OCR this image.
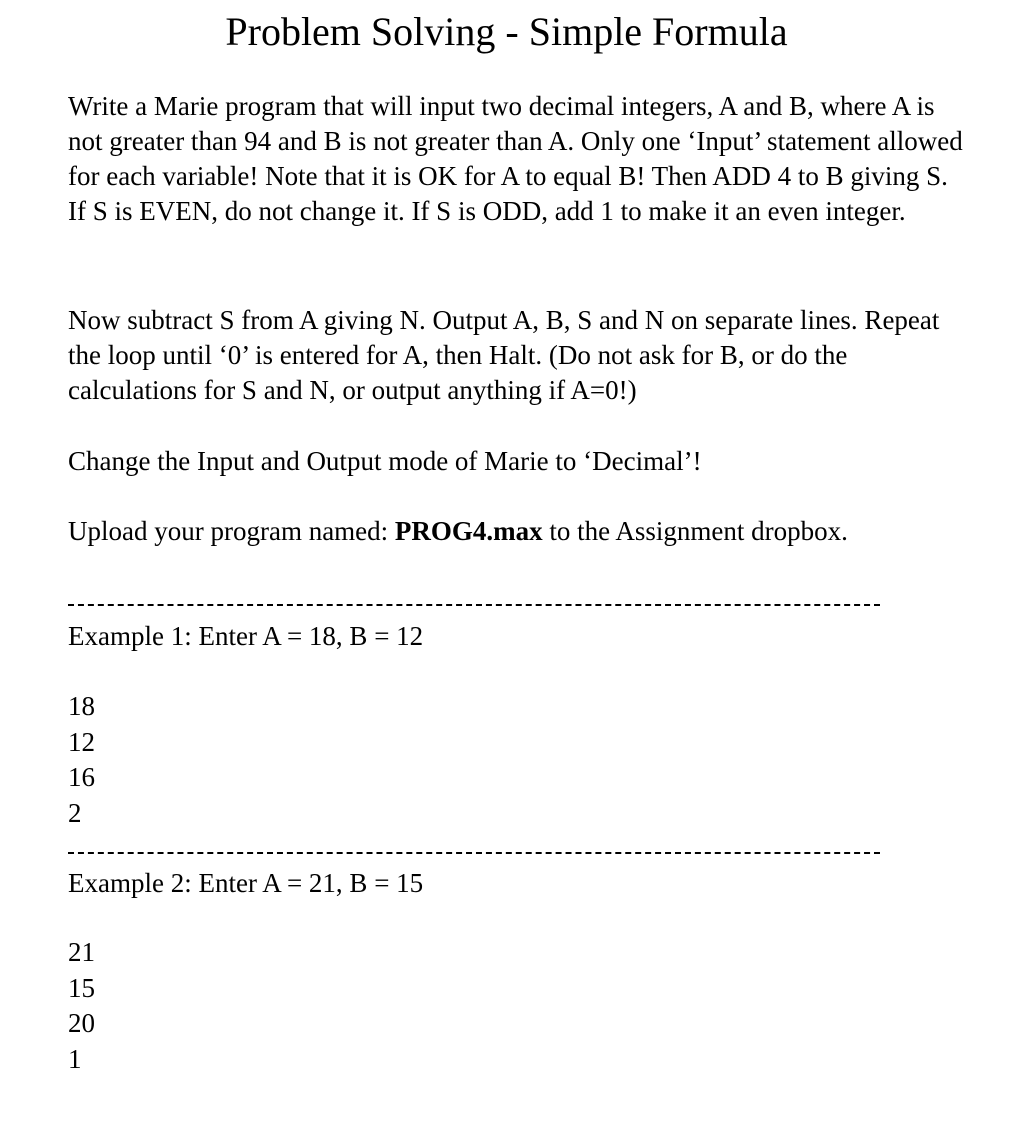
Problem Solving - Simple Formula

Write a Marie program that will input two decimal integers, A and B, where A is not greater than 94 and B is not greater than A. Only one ‘Input’ statement allowed for each variable! Note that it is OK for A to equal B! Then ADD 4 to B giving S. If S is EVEN, do not change it. If S is ODD, add 1 to make it an even integer.

Now subtract S from A giving N. Output A, B, S and N on separate lines. Repeat the loop until ‘0’ is entered for A, then Halt. (Do not ask for B, or do the calculations for S and N, or output anything if A=0!)

Change the Input and Output mode of Marie to ‘Decimal’!

Upload your program named: PROG4.max to the Assignment dropbox.

Example 1: Enter A = 18, B = 12

18
12
16
2

Example 2: Enter A = 21, B = 15

21
15
20
1
